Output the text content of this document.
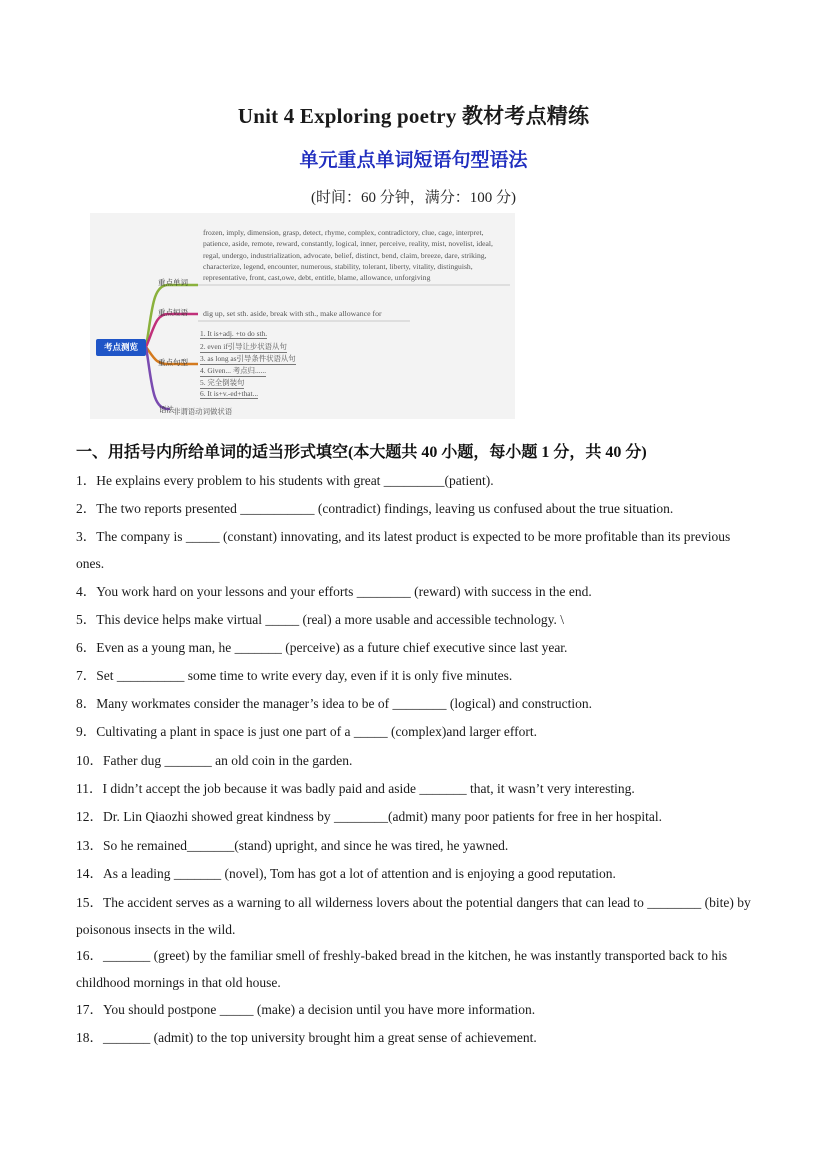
Unit 4 Exploring poetry 教材考点精练
单元重点单词短语句型语法
(时间：60 分钟，满分：100 分)
考点测览
重点单词
重点短语
重点句型
语法
frozen, imply, dimension, grasp, detect, rhyme, complex, contradictory, clue, cage, interpret, patience, aside, remote, reward, constantly, logical, inner, perceive, reality, mist, novelist, ideal, regal, undergo, industrialization, advocate, belief, distinct, bend, claim, breeze, dare, striking, characterize, legend, encounter, numerous, stability, tolerant, liberty, vitality, distinguish, representative, front, cast,owe, debt, entitle, blame, allowance, unforgiving
dig up, set sth. aside, break with sth., make allowance for
1. It is+adj. +to do sth.
2. even if引导让步状语从句
3. as long as引导条件状语从句
4. Given... 考点归......
5. 完全倒装句
6. It is+v.-ed+that...
非谓语动词做状语
一、用括号内所给单词的适当形式填空(本大题共 40 小题，每小题 1 分，共 40 分)
1．He explains every problem to his students with great _________(patient).
2．The two reports presented ___________ (contradict) findings, leaving us confused about the true situation.
3．The company is _____ (constant) innovating, and its latest product is expected to be more profitable than its previous ones.
4．You work hard on your lessons and your efforts ________ (reward) with success in the end.
5．This device helps make virtual _____ (real) a more usable and accessible technology. \
6．Even as a young man, he _______ (perceive) as a future chief executive since last year.
7．Set __________ some time to write every day, even if it is only five minutes.
8．Many workmates consider the manager’s idea to be of ________ (logical) and construction.
9．Cultivating a plant in space is just one part of a _____ (complex)and larger effort.
10．Father dug _______ an old coin in the garden.
11．I didn’t accept the job because it was badly paid and aside _______ that, it wasn’t very interesting.
12．Dr. Lin Qiaozhi showed great kindness by ________(admit) many poor patients for free in her hospital.
13．So he remained_______(stand) upright, and since he was tired, he yawned.
14．As a leading _______ (novel), Tom has got a lot of attention and is enjoying a good reputation.
15．The accident serves as a warning to all wilderness lovers about the potential dangers that can lead to ________ (bite) by poisonous insects in the wild.
16．_______ (greet) by the familiar smell of freshly-baked bread in the kitchen, he was instantly transported back to his childhood mornings in that old house.
17．You should postpone _____ (make) a decision until you have more information.
18．_______ (admit) to the top university brought him a great sense of achievement.
